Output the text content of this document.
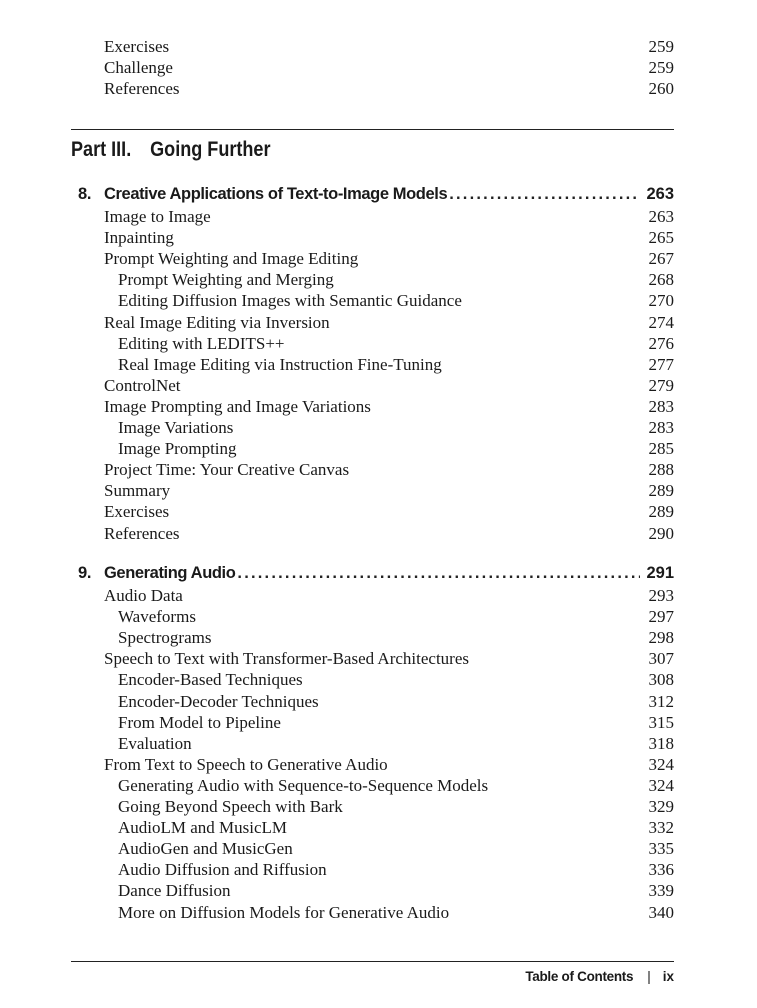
Exercises	259
Challenge	259
References	260
Part III. Going Further
8. Creative Applications of Text-to-Image Models .....	263
Image to Image	263
Inpainting	265
Prompt Weighting and Image Editing	267
Prompt Weighting and Merging	268
Editing Diffusion Images with Semantic Guidance	270
Real Image Editing via Inversion	274
Editing with LEDITS++	276
Real Image Editing via Instruction Fine-Tuning	277
ControlNet	279
Image Prompting and Image Variations	283
Image Variations	283
Image Prompting	285
Project Time: Your Creative Canvas	288
Summary	289
Exercises	289
References	290
9. Generating Audio .....	291
Audio Data	293
Waveforms	297
Spectrograms	298
Speech to Text with Transformer-Based Architectures	307
Encoder-Based Techniques	308
Encoder-Decoder Techniques	312
From Model to Pipeline	315
Evaluation	318
From Text to Speech to Generative Audio	324
Generating Audio with Sequence-to-Sequence Models	324
Going Beyond Speech with Bark	329
AudioLM and MusicLM	332
AudioGen and MusicGen	335
Audio Diffusion and Riffusion	336
Dance Diffusion	339
More on Diffusion Models for Generative Audio	340
Table of Contents | ix
